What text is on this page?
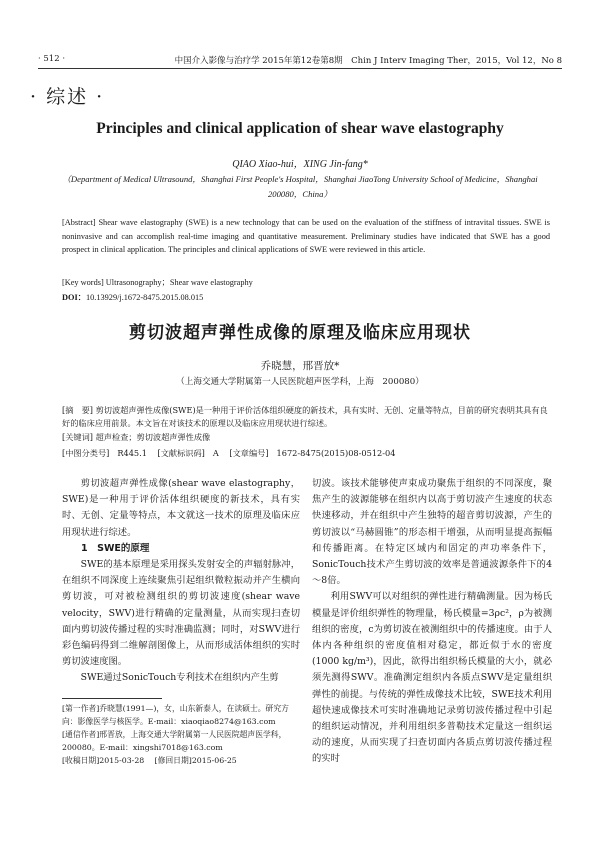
· 512 ·	中国介入影像与治疗学 2015年第12卷第8期　Chin J Interv Imaging Ther，2015，Vol 12，No 8
· 综述 ·
Principles and clinical application of shear wave elastography
QIAO Xiao-hui，XING Jin-fang*
（Department of Medical Ultrasound，Shanghai First People's Hospital，Shanghai JiaoTong University School of Medicine，Shanghai 200080，China）
[Abstract] Shear wave elastography (SWE) is a new technology that can be used on the evaluation of the stiffness of intravital tissues. SWE is noninvasive and can accomplish real-time imaging and quantitative measurement. Preliminary studies have indicated that SWE has a good prospect in clinical application. The principles and clinical applications of SWE were reviewed in this article.
[Key words] Ultrasonography；Shear wave elastography
DOI：10.13929/j.1672-8475.2015.08.015
剪切波超声弹性成像的原理及临床应用现状
乔晓慧，邢晋放*
（上海交通大学附属第一人民医院超声医学科，上海　200080）
[摘　要] 剪切波超声弹性成像(SWE)是一种用于评价活体组织硬度的新技术，具有实时、无创、定量等特点，目前的研究表明其具有良好的临床应用前景。本文旨在对该技术的原理以及临床应用现状进行综述。
[关键词] 超声检查；剪切波超声弹性成像
[中图分类号] R445.1 [文献标识码] A [文章编号] 1672-8475(2015)08-0512-04

剪切波超声弹性成像(shear wave elastography，SWE)是一种用于评价活体组织硬度的新技术，具有实时、无创、定量等特点，本文就这一技术的原理及临床应用现状进行综述。

1　SWE的原理

SWE的基本原理是采用探头发射安全的声辐射脉冲，在组织不同深度上连续聚焦引起组织微粒振动并产生横向剪切波，可对被检测组织的剪切波速度(shear wave velocity，SWV)进行精确的定量测量，从而实现扫查切面内剪切波传播过程的实时准确监测；同时，对SWV进行彩色编码得到二维解剖图像上，从而形成活体组织的实时剪切波速度图。

SWE通过SonicTouch专利技术在组织内产生剪

切波。该技术能够使声束成功聚焦于组织的不同深度，聚焦产生的波源能够在组织内以高于剪切波产生速度的状态快速移动，并在组织中产生独特的超音剪切波源，产生的剪切波以“马赫圆锥”的形态相干增强，从而明显提高振幅和传播距离。在特定区域内和固定的声功率条件下，SonicTouch技术产生剪切波的效率是普通波源条件下的4～8倍。

利用SWV可以对组织的弹性进行精确测量。因为杨氏模量是评价组织弹性的物理量，杨氏模量=3ρc²，ρ为被测组织的密度，c为剪切波在被测组织中的传播速度。由于人体内各种组织的密度值相对稳定，都近似于水的密度(1000 kg/m³)，因此，欲得出组织杨氏模量的大小，就必须先测得SWV。准确测定组织内各质点SWV是定量组织弹性的前提。与传统的弹性成像技术比较，SWE技术利用超快速成像技术可实时准确地记录剪切波传播过程中引起的组织运动情况，并利用组织多普勒技术定量这一组织运动的速度，从而实现了扫查切面内各质点剪切波传播过程的实时

[第一作者]乔晓慧(1991—)，女，山东新泰人，在读硕士。研究方向：影像医学与核医学。E-mail：xiaoqiao8274@163.com

[通信作者]邢晋放，上海交通大学附属第一人民医院超声医学科，200080。E-mail：xingshi7018@163.com

[收稿日期]2015-03-28　 [修回日期]2015-06-25
